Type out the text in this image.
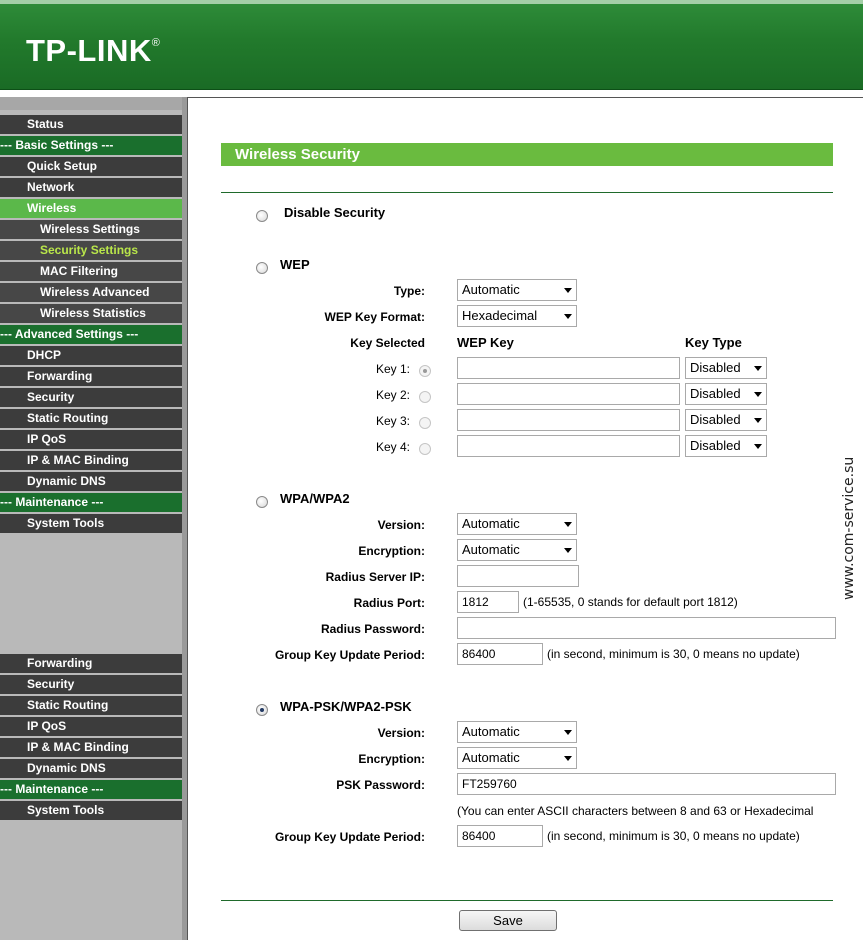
TP-LINK®
Status
--- Basic Settings ---
Quick Setup
Network
Wireless
Wireless Settings
Security Settings
MAC Filtering
Wireless Advanced
Wireless Statistics
--- Advanced Settings ---
DHCP
Forwarding
Security
Static Routing
IP QoS
IP & MAC Binding
Dynamic DNS
--- Maintenance ---
System Tools
Forwarding
Security
Static Routing
IP QoS
IP & MAC Binding
Dynamic DNS
--- Maintenance ---
System Tools
Wireless Security
Disable Security
WEP
Type:	Automatic
WEP Key Format:	Hexadecimal
Key Selected WEP Key	Key Type
Key 1:	Disabled
Key 2:	Disabled
Key 3:	Disabled
Key 4:	Disabled
WPA/WPA2
Version:	Automatic
Encryption:	Automatic
Radius Server IP:
Radius Port:	1812	(1-65535, 0 stands for default port 1812)
Radius Password:
Group Key Update Period:	86400	(in second, minimum is 30, 0 means no update)
WPA-PSK/WPA2-PSK
Version:	Automatic
Encryption:	Automatic
PSK Password:	FT259760
(You can enter ASCII characters between 8 and 63 or Hexadecimal
Group Key Update Period:	86400	(in second, minimum is 30, 0 means no update)
Save
www.com-service.su
